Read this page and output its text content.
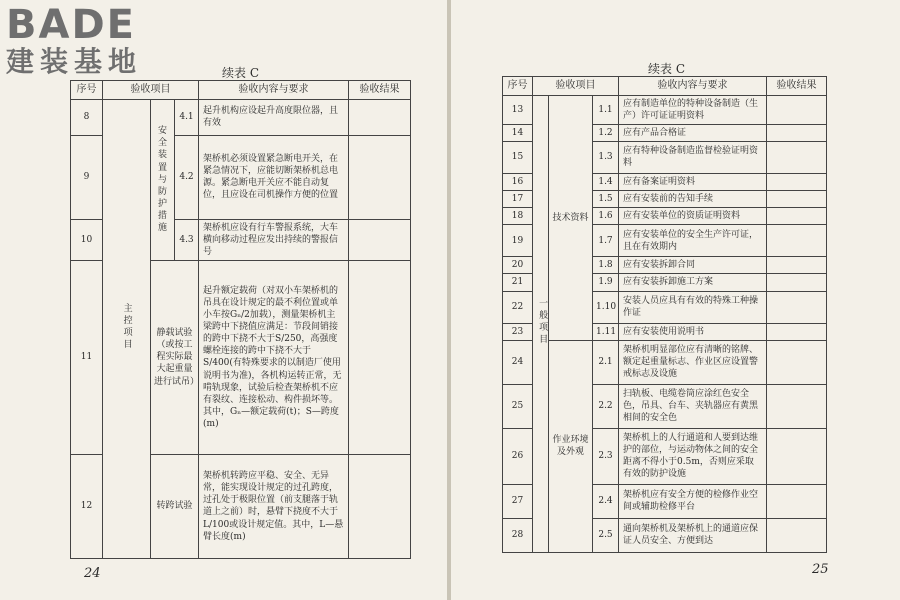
BADE
建装基地	续表 C
序号	验收项目			验收内容与要求	验收结果
8	主控项目	安全装置与防护措施	4.1	起升机构应设起升高度限位器，且有效	
9			4.2	架桥机必须设置紧急断电开关，在紧急情况下，应能切断架桥机总电源。紧急断电开关应不能自动复位，且应设在司机操作方便的位置	
10			4.3	架桥机应设有行车警报系统，大车横向移动过程应发出持续的警报信号	
11		静载试验（或按工程实际最大起重量进行试吊）		起升额定载荷（对双小车架桥机的吊具在设计规定的最不利位置或单小车按Gₙ/2加载），测量架桥机主梁跨中下挠值应满足：节段间销接的跨中下挠不大于S/250，高强度螺栓连接的跨中下挠不大于S/400(有特殊要求的以制造厂使用说明书为准)，各机构运转正常，无啃轨现象，试验后检查架桥机不应有裂纹、连接松动、构件损坏等。其中，Gₙ—额定载荷(t)；S—跨度(m)	
12		转跨试验		架桥机转跨应平稳、安全、无异常，能实现设计规定的过孔跨度，过孔处于极限位置（前支腿落于轨道上之前）时，悬臂下挠度不大于L/100或设计规定值。其中，L—悬臂长度(m)	
24
续表 C
序号	验收项目			验收内容与要求	验收结果
13	一般项目	技术资料	1.1	应有制造单位的特种设备制造（生产）许可证证明资料	
14			1.2	应有产品合格证	
15			1.3	应有特种设备制造监督检验证明资料	
16			1.4	应有备案证明资料	
17			1.5	应有安装前的告知手续	
18			1.6	应有安装单位的资质证明资料	
19			1.7	应有安装单位的安全生产许可证，且在有效期内	
20			1.8	应有安装拆卸合同	
21			1.9	应有安装拆卸施工方案	
22			1.10	安装人员应具有有效的特殊工种操作证	
23			1.11	应有安装使用说明书	
24		作业环境及外观	2.1	架桥机明显部位应有清晰的铭牌、额定起重量标志、作业区应设置警戒标志及设施	
25			2.2	扫轨板、电缆卷筒应涂红色安全色，吊具、台车、夹轨器应有黄黑相间的安全色	
26			2.3	架桥机上的人行通道和人要到达维护的部位，与运动物体之间的安全距离不得小于0.5m，否则应采取有效的防护设施	
27			2.4	架桥机应有安全方便的检修作业空间或辅助检修平台	
28			2.5	通向架桥机及架桥机上的通道应保证人员安全、方便到达	
25
